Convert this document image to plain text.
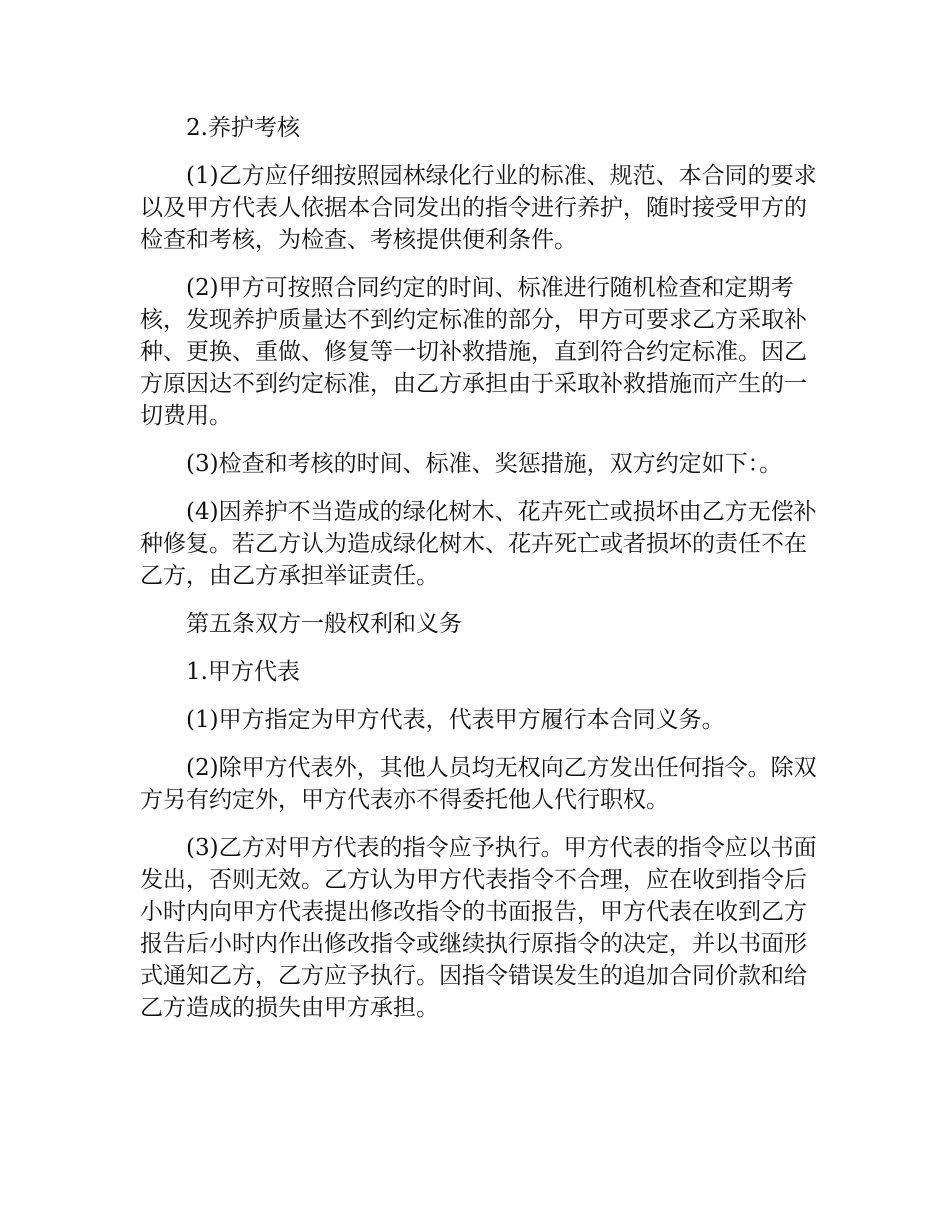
2.养护考核

(1)乙方应仔细按照园林绿化行业的标准、规范、本合同的要求以及甲方代表人依据本合同发出的指令进行养护，随时接受甲方的检查和考核，为检查、考核提供便利条件。

(2)甲方可按照合同约定的时间、标准进行随机检查和定期考核，发现养护质量达不到约定标准的部分，甲方可要求乙方采取补种、更换、重做、修复等一切补救措施，直到符合约定标准。因乙方原因达不到约定标准，由乙方承担由于采取补救措施而产生的一切费用。

(3)检查和考核的时间、标准、奖惩措施，双方约定如下：。

(4)因养护不当造成的绿化树木、花卉死亡或损坏由乙方无偿补种修复。若乙方认为造成绿化树木、花卉死亡或者损坏的责任不在乙方，由乙方承担举证责任。

第五条双方一般权利和义务

1.甲方代表

(1)甲方指定为甲方代表，代表甲方履行本合同义务。

(2)除甲方代表外，其他人员均无权向乙方发出任何指令。除双方另有约定外，甲方代表亦不得委托他人代行职权。

(3)乙方对甲方代表的指令应予执行。甲方代表的指令应以书面发出，否则无效。乙方认为甲方代表指令不合理，应在收到指令后小时内向甲方代表提出修改指令的书面报告，甲方代表在收到乙方报告后小时内作出修改指令或继续执行原指令的决定，并以书面形式通知乙方，乙方应予执行。因指令错误发生的追加合同价款和给乙方造成的损失由甲方承担。
